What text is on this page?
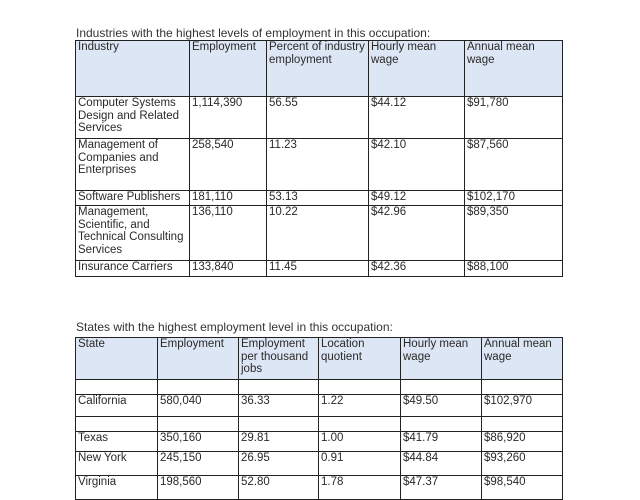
Industries with the highest levels of employment in this occupation:
Industry	Employment	Percent of industry employment	Hourly mean wage	Annual mean wage
Computer Systems Design and Related Services	1,114,390	56.55	$44.12	$91,780
Management of Companies and Enterprises	258,540	11.23	$42.10	$87,560
Software Publishers	181,110	53.13	$49.12	$102,170
Management, Scientific, and Technical Consulting Services	136,110	10.22	$42.96	$89,350
Insurance Carriers	133,840	11.45	$42.36	$88,100
States with the highest employment level in this occupation:
State	Employment	Employment per thousand jobs	Location quotient	Hourly mean wage	Annual mean wage

California	580,040	36.33	1.22	$49.50	$102,970

Texas	350,160	29.81	1.00	$41.79	$86,920
New York	245,150	26.95	0.91	$44.84	$93,260
Virginia	198,560	52.80	1.78	$47.37	$98,540
